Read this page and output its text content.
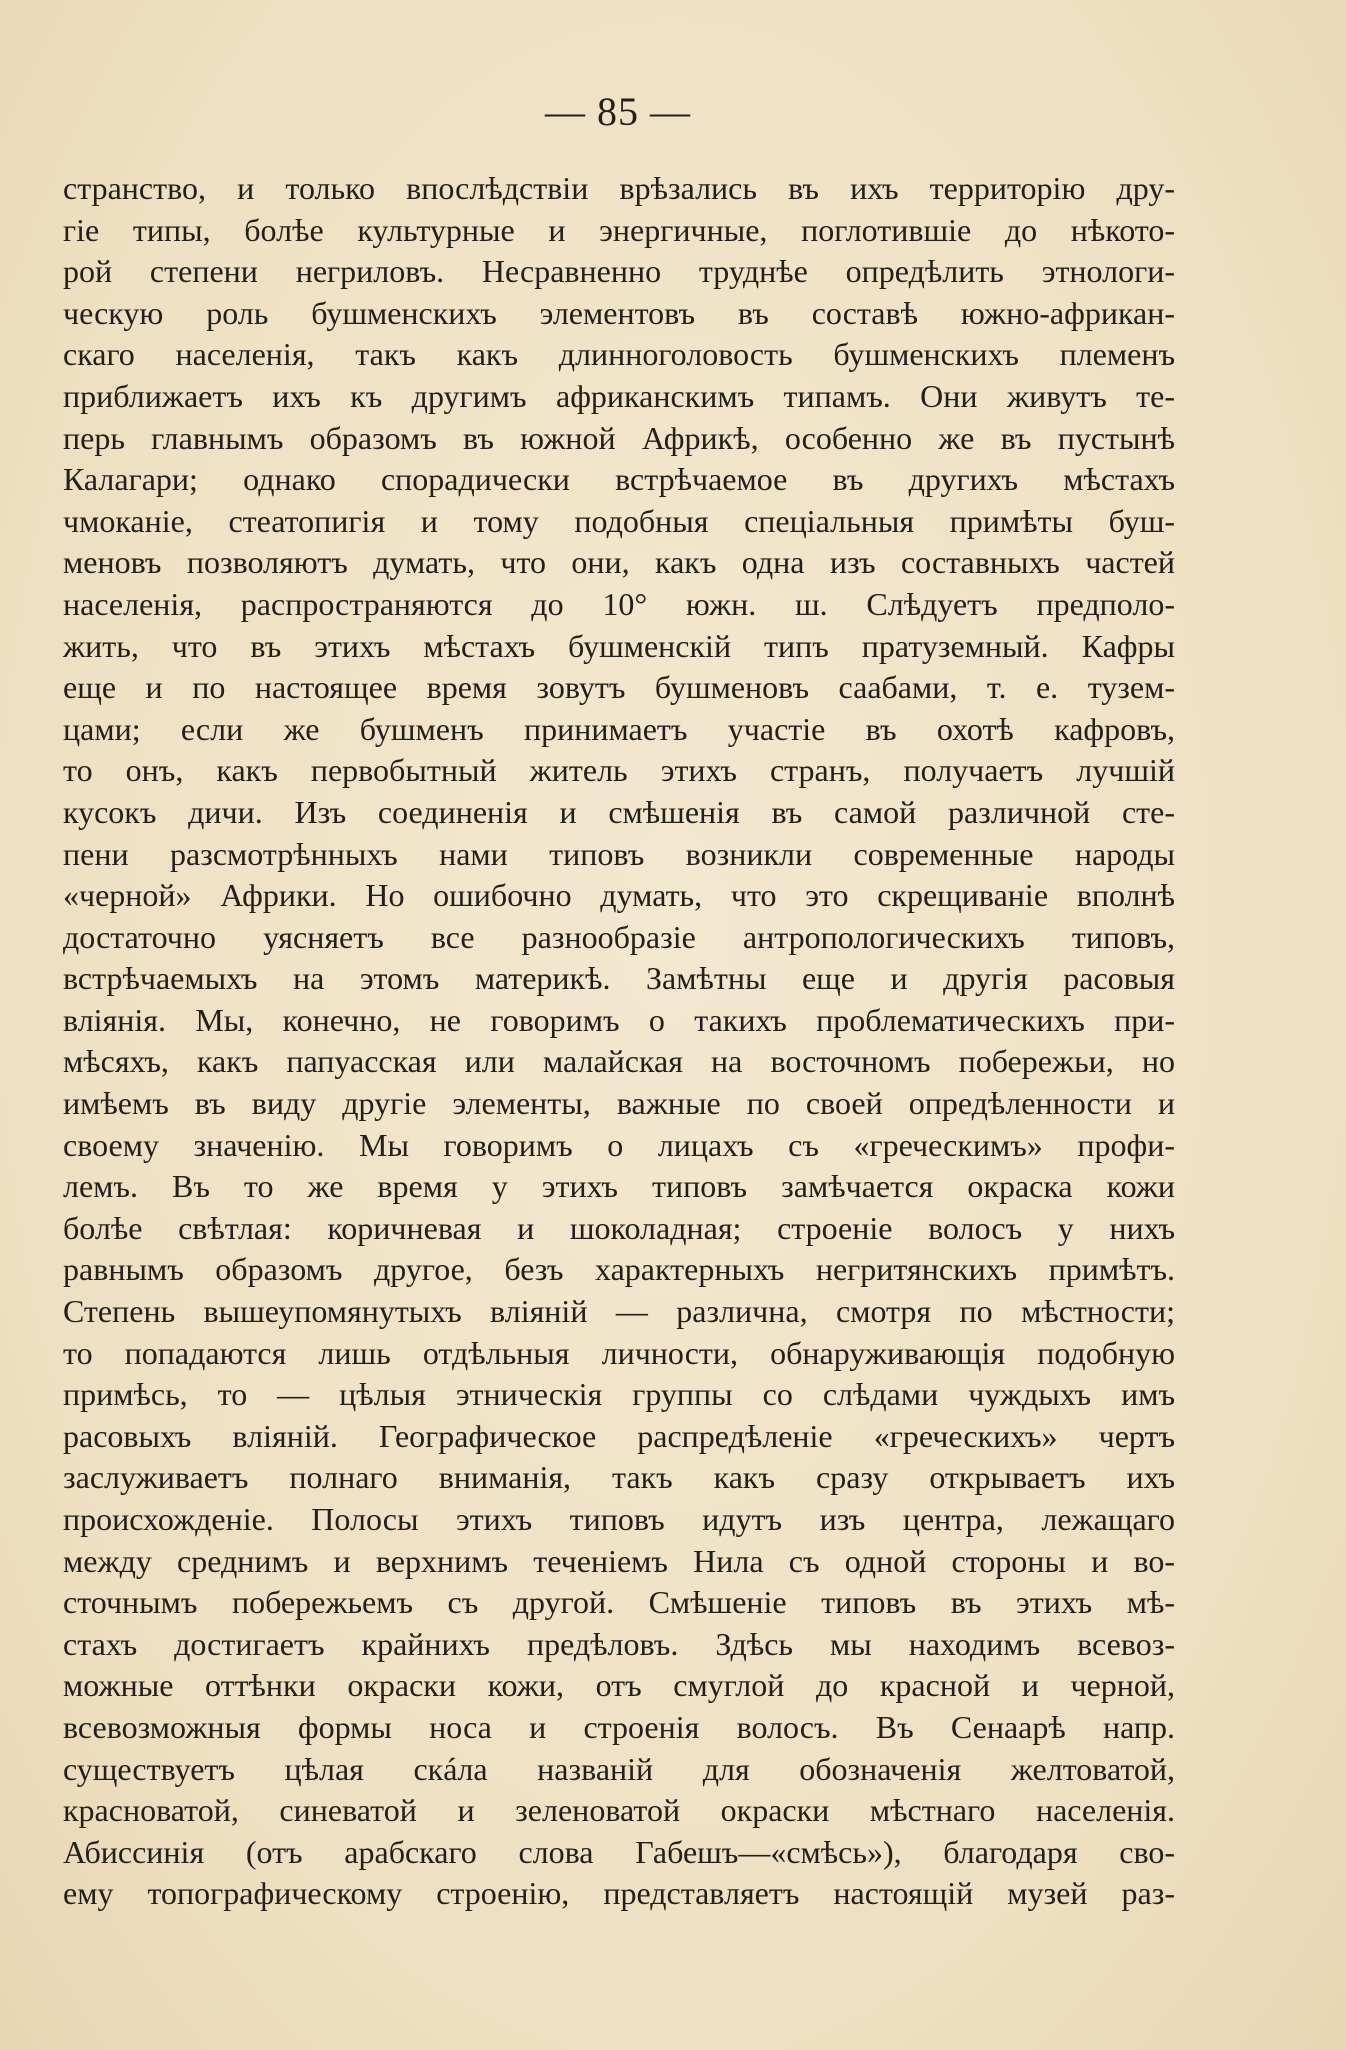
— 85 —
странство, и только впослѣдствіи врѣзались въ ихъ территорію дру-
гіе типы, болѣе культурные и энергичные, поглотившіе до нѣкото-
рой степени негриловъ. Несравненно труднѣе опредѣлить этнологи-
ческую роль бушменскихъ элементовъ въ составѣ южно-африкан-
скаго населенія, такъ какъ длинноголовость бушменскихъ племенъ
приближаетъ ихъ къ другимъ африканскимъ типамъ. Они живутъ те-
перь главнымъ образомъ въ южной Африкѣ, особенно же въ пустынѣ
Калагари; однако спорадически встрѣчаемое въ другихъ мѣстахъ
чмоканіе, стеатопигія и тому подобныя спеціальныя примѣты буш-
меновъ позволяютъ думать, что они, какъ одна изъ составныхъ частей
населенія, распространяются до 10° южн. ш. Слѣдуетъ предполо-
жить, что въ этихъ мѣстахъ бушменскій типъ пратуземный. Кафры
еще и по настоящее время зовутъ бушменовъ саабами, т. е. тузем-
цами; если же бушменъ принимаетъ участіе въ охотѣ кафровъ,
то онъ, какъ первобытный житель этихъ странъ, получаетъ лучшій
кусокъ дичи. Изъ соединенія и смѣшенія въ самой различной сте-
пени разсмотрѣнныхъ нами типовъ возникли современные народы
«черной» Африки. Но ошибочно думать, что это скрещиваніе вполнѣ
достаточно уясняетъ все разнообразіе антропологическихъ типовъ,
встрѣчаемыхъ на этомъ материкѣ. Замѣтны еще и другія расовыя
вліянія. Мы, конечно, не говоримъ о такихъ проблематическихъ при-
мѣсяхъ, какъ папуасская или малайская на восточномъ побережьи, но
имѣемъ въ виду другіе элементы, важные по своей опредѣленности и
своему значенію. Мы говоримъ о лицахъ съ «греческимъ» профи-
лемъ. Въ то же время у этихъ типовъ замѣчается окраска кожи
болѣе свѣтлая: коричневая и шоколадная; строеніе волосъ у нихъ
равнымъ образомъ другое, безъ характерныхъ негритянскихъ примѣтъ.
Степень вышеупомянутыхъ вліяній — различна, смотря по мѣстности;
то попадаются лишь отдѣльныя личности, обнаруживающія подобную
примѣсь, то — цѣлыя этническія группы со слѣдами чуждыхъ имъ
расовыхъ вліяній. Географическое распредѣленіе «греческихъ» чертъ
заслуживаетъ полнаго вниманія, такъ какъ сразу открываетъ ихъ
происхожденіе. Полосы этихъ типовъ идутъ изъ центра, лежащаго
между среднимъ и верхнимъ теченіемъ Нила съ одной стороны и во-
сточнымъ побережьемъ съ другой. Смѣшеніе типовъ въ этихъ мѣ-
стахъ достигаетъ крайнихъ предѣловъ. Здѣсь мы находимъ всевоз-
можные оттѣнки окраски кожи, отъ смуглой до красной и черной,
всевозможныя формы носа и строенія волосъ. Въ Сенаарѣ напр.
существуетъ цѣлая скáла названій для обозначенія желтоватой,
красноватой, синеватой и зеленоватой окраски мѣстнаго населенія.
Абиссинія (отъ арабскаго слова Габешъ—«смѣсь»), благодаря сво-
ему топографическому строенію, представляетъ настоящій музей раз-
